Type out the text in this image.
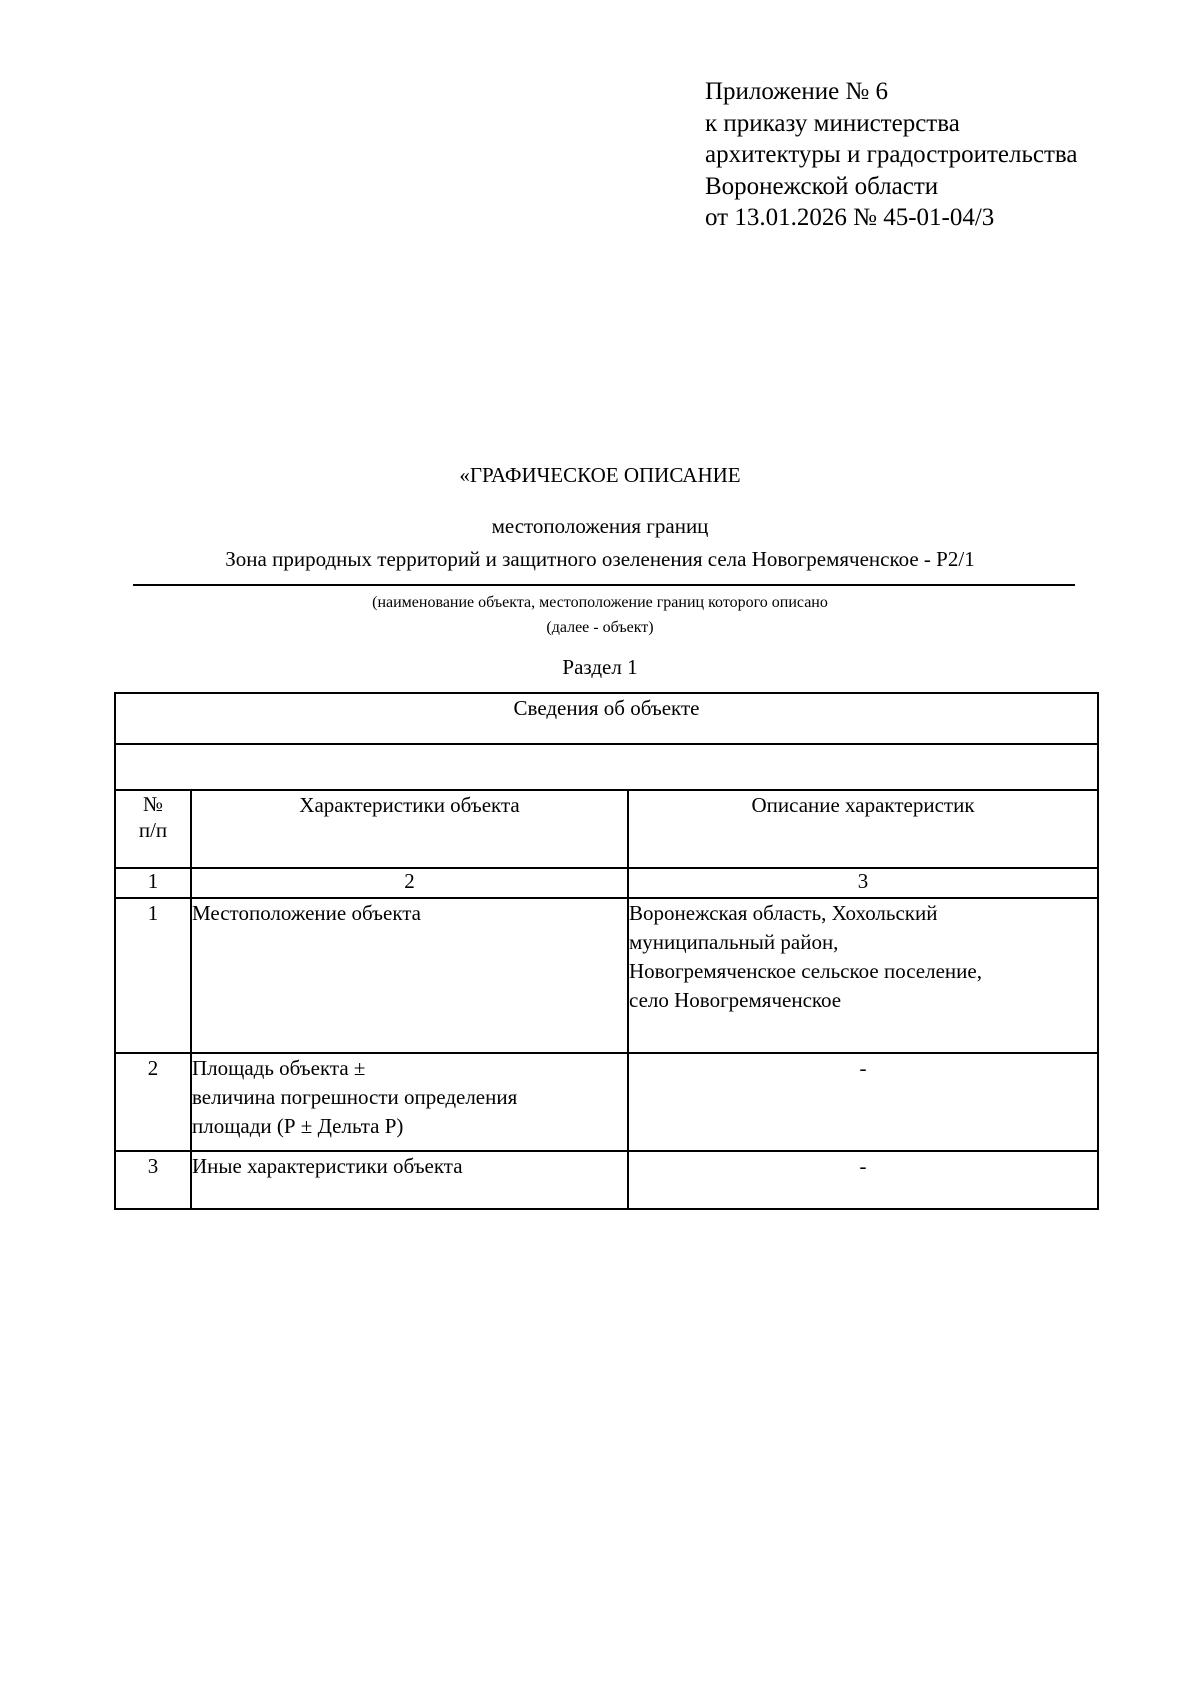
Приложение № 6
к приказу министерства
архитектуры и градостроительства
Воронежской области
от 13.01.2026 № 45-01-04/3
«ГРАФИЧЕСКОЕ ОПИСАНИЕ
местоположения границ
Зона природных территорий и защитного озеленения села Новогремяченское - Р2/1
(наименование объекта, местоположение границ которого описано
(далее - объект)
Раздел 1
Сведения об объекте		

№
п/п	Характеристики объекта	Описание характеристик
1	2	3
1	Местоположение объекта	Воронежская область, Хохольский
муниципальный район,
Новогремяченское сельское поселение,
село Новогремяченское

2	Площадь объекта ±
величина погрешности определения
площади (Р ± Дельта Р)	-
3	Иные характеристики объекта	-
